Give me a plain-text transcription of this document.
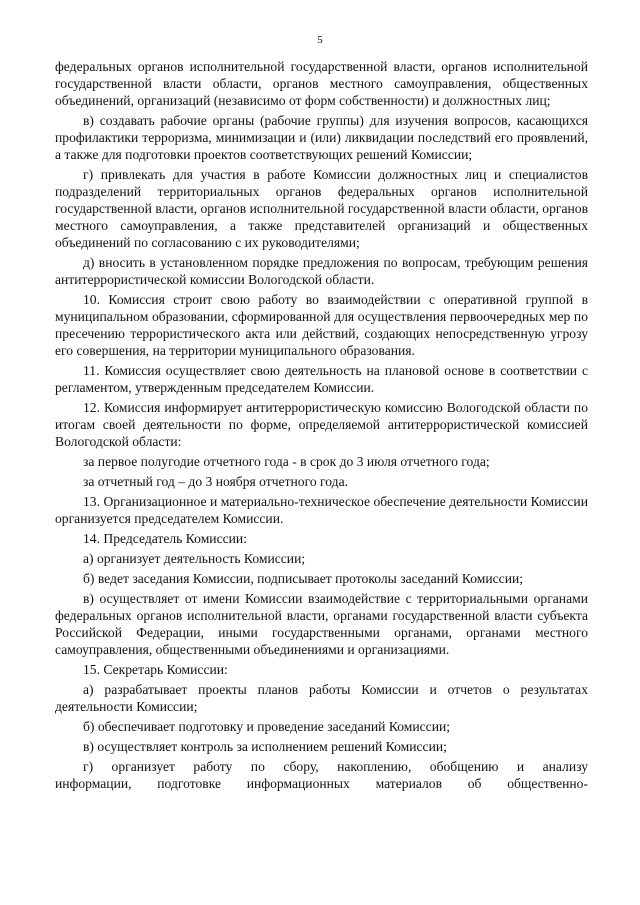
5
федеральных органов исполнительной государственной власти, органов исполнительной государственной власти области, органов местного самоуправления, общественных объединений, организаций (независимо от форм собственности) и должностных лиц;
в) создавать рабочие органы (рабочие группы) для изучения вопросов, касающихся профилактики терроризма, минимизации и (или) ликвидации последствий его проявлений, а также для подготовки проектов соответствующих решений Комиссии;
г) привлекать для участия в работе Комиссии должностных лиц и специалистов подразделений территориальных органов федеральных органов исполнительной государственной власти, органов исполнительной государственной власти области, органов местного самоуправления, а также представителей организаций и общественных объединений по согласованию с их руководителями;
д) вносить в установленном порядке предложения по вопросам, требующим решения антитеррористической комиссии Вологодской области.
10. Комиссия строит свою работу во взаимодействии с оперативной группой в муниципальном образовании, сформированной для осуществления первоочередных мер по пресечению террористического акта или действий, создающих непосредственную угрозу его совершения, на территории муниципального образования.
11. Комиссия осуществляет свою деятельность на плановой основе в соответствии с регламентом, утвержденным председателем Комиссии.
12. Комиссия информирует антитеррористическую комиссию Вологодской области по итогам своей деятельности по форме, определяемой антитеррористической комиссией Вологодской области:
за первое полугодие отчетного года - в срок до 3 июля отчетного года;
за отчетный год – до 3 ноября отчетного года.
13. Организационное и материально-техническое обеспечение деятельности Комиссии организуется председателем Комиссии.
14. Председатель Комиссии:
а) организует деятельность Комиссии;
б) ведет заседания Комиссии, подписывает протоколы заседаний Комиссии;
в) осуществляет от имени Комиссии взаимодействие с территориальными органами федеральных органов исполнительной власти, органами государственной власти субъекта Российской Федерации, иными государственными органами, органами местного самоуправления, общественными объединениями и организациями.
15. Секретарь Комиссии:
а) разрабатывает проекты планов работы Комиссии и отчетов о результатах деятельности Комиссии;
б) обеспечивает подготовку и проведение заседаний Комиссии;
в) осуществляет контроль за исполнением решений Комиссии;
г) организует работу по сбору, накоплению, обобщению и анализу
информации, подготовке информационных материалов об общественно-
